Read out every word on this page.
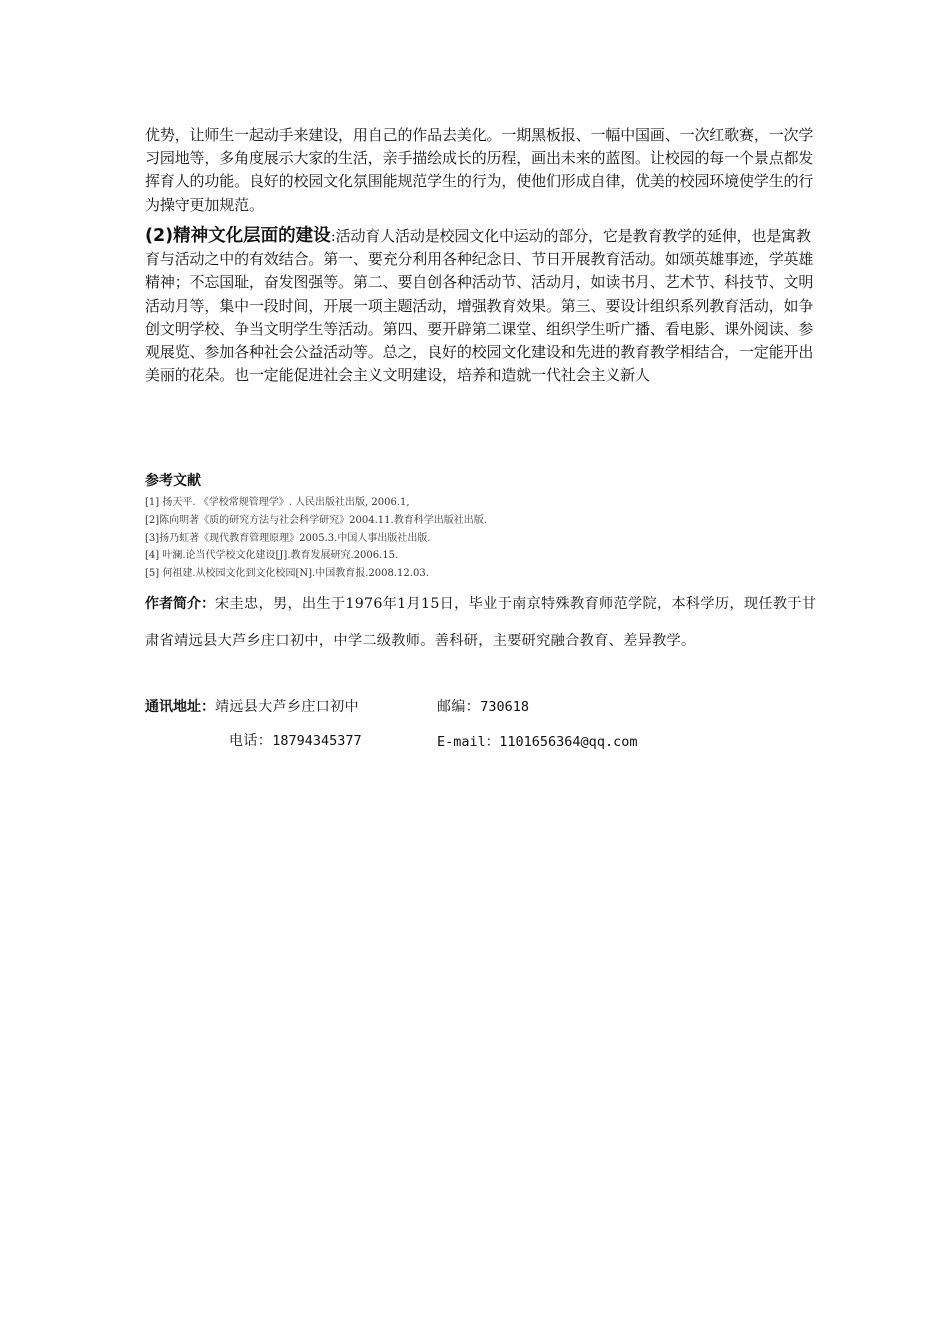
优势，让师生一起动手来建设，用自己的作品去美化。一期黑板报、一幅中国画、一次红歌赛，一次学习园地等，多角度展示大家的生活，亲手描绘成长的历程，画出未来的蓝图。让校园的每一个景点都发挥育人的功能。良好的校园文化氛围能规范学生的行为，使他们形成自律，优美的校园环境使学生的行为操守更加规范。
(2)精神文化层面的建设:活动育人活动是校园文化中运动的部分，它是教育教学的延伸，也是寓教育与活动之中的有效结合。第一、要充分利用各种纪念日、节日开展教育活动。如颂英雄事迹，学英雄精神；不忘国耻，奋发图强等。第二、要自创各种活动节、活动月，如读书月、艺术节、科技节、文明活动月等，集中一段时间，开展一项主题活动，增强教育效果。第三、要设计组织系列教育活动，如争创文明学校、争当文明学生等活动。第四、要开辟第二课堂、组织学生听广播、看电影、课外阅读、参观展览、参加各种社会公益活动等。总之，良好的校园文化建设和先进的教育教学相结合，一定能开出美丽的花朵。也一定能促进社会主义文明建设，培养和造就一代社会主义新人
参考文献
[1] 扬天平. 《学校常规管理学》. 人民出版社出版, 2006.1,
[2]陈向明著《质的研究方法与社会科学研究》2004.11.教育科学出版社出版.
[3]扬乃虹著《现代教育管理原理》2005.3.中国人事出版社出版.
[4] 叶澜.论当代学校文化建设[J].教育发展研究.2006.15.
[5] 何祖建.从校园文化到文化校园[N].中国教育报.2008.12.03.
作者简介：宋圭忠，男，出生于1976年1月15日，毕业于南京特殊教育师范学院，本科学历，现任教于甘肃省靖远县大芦乡庄口初中，中学二级教师。善科研，主要研究融合教育、差异教学。
通讯地址：靖远县大芦乡庄口初中	邮编：730618
电话：18794345377	E-mail：1101656364@qq.com
